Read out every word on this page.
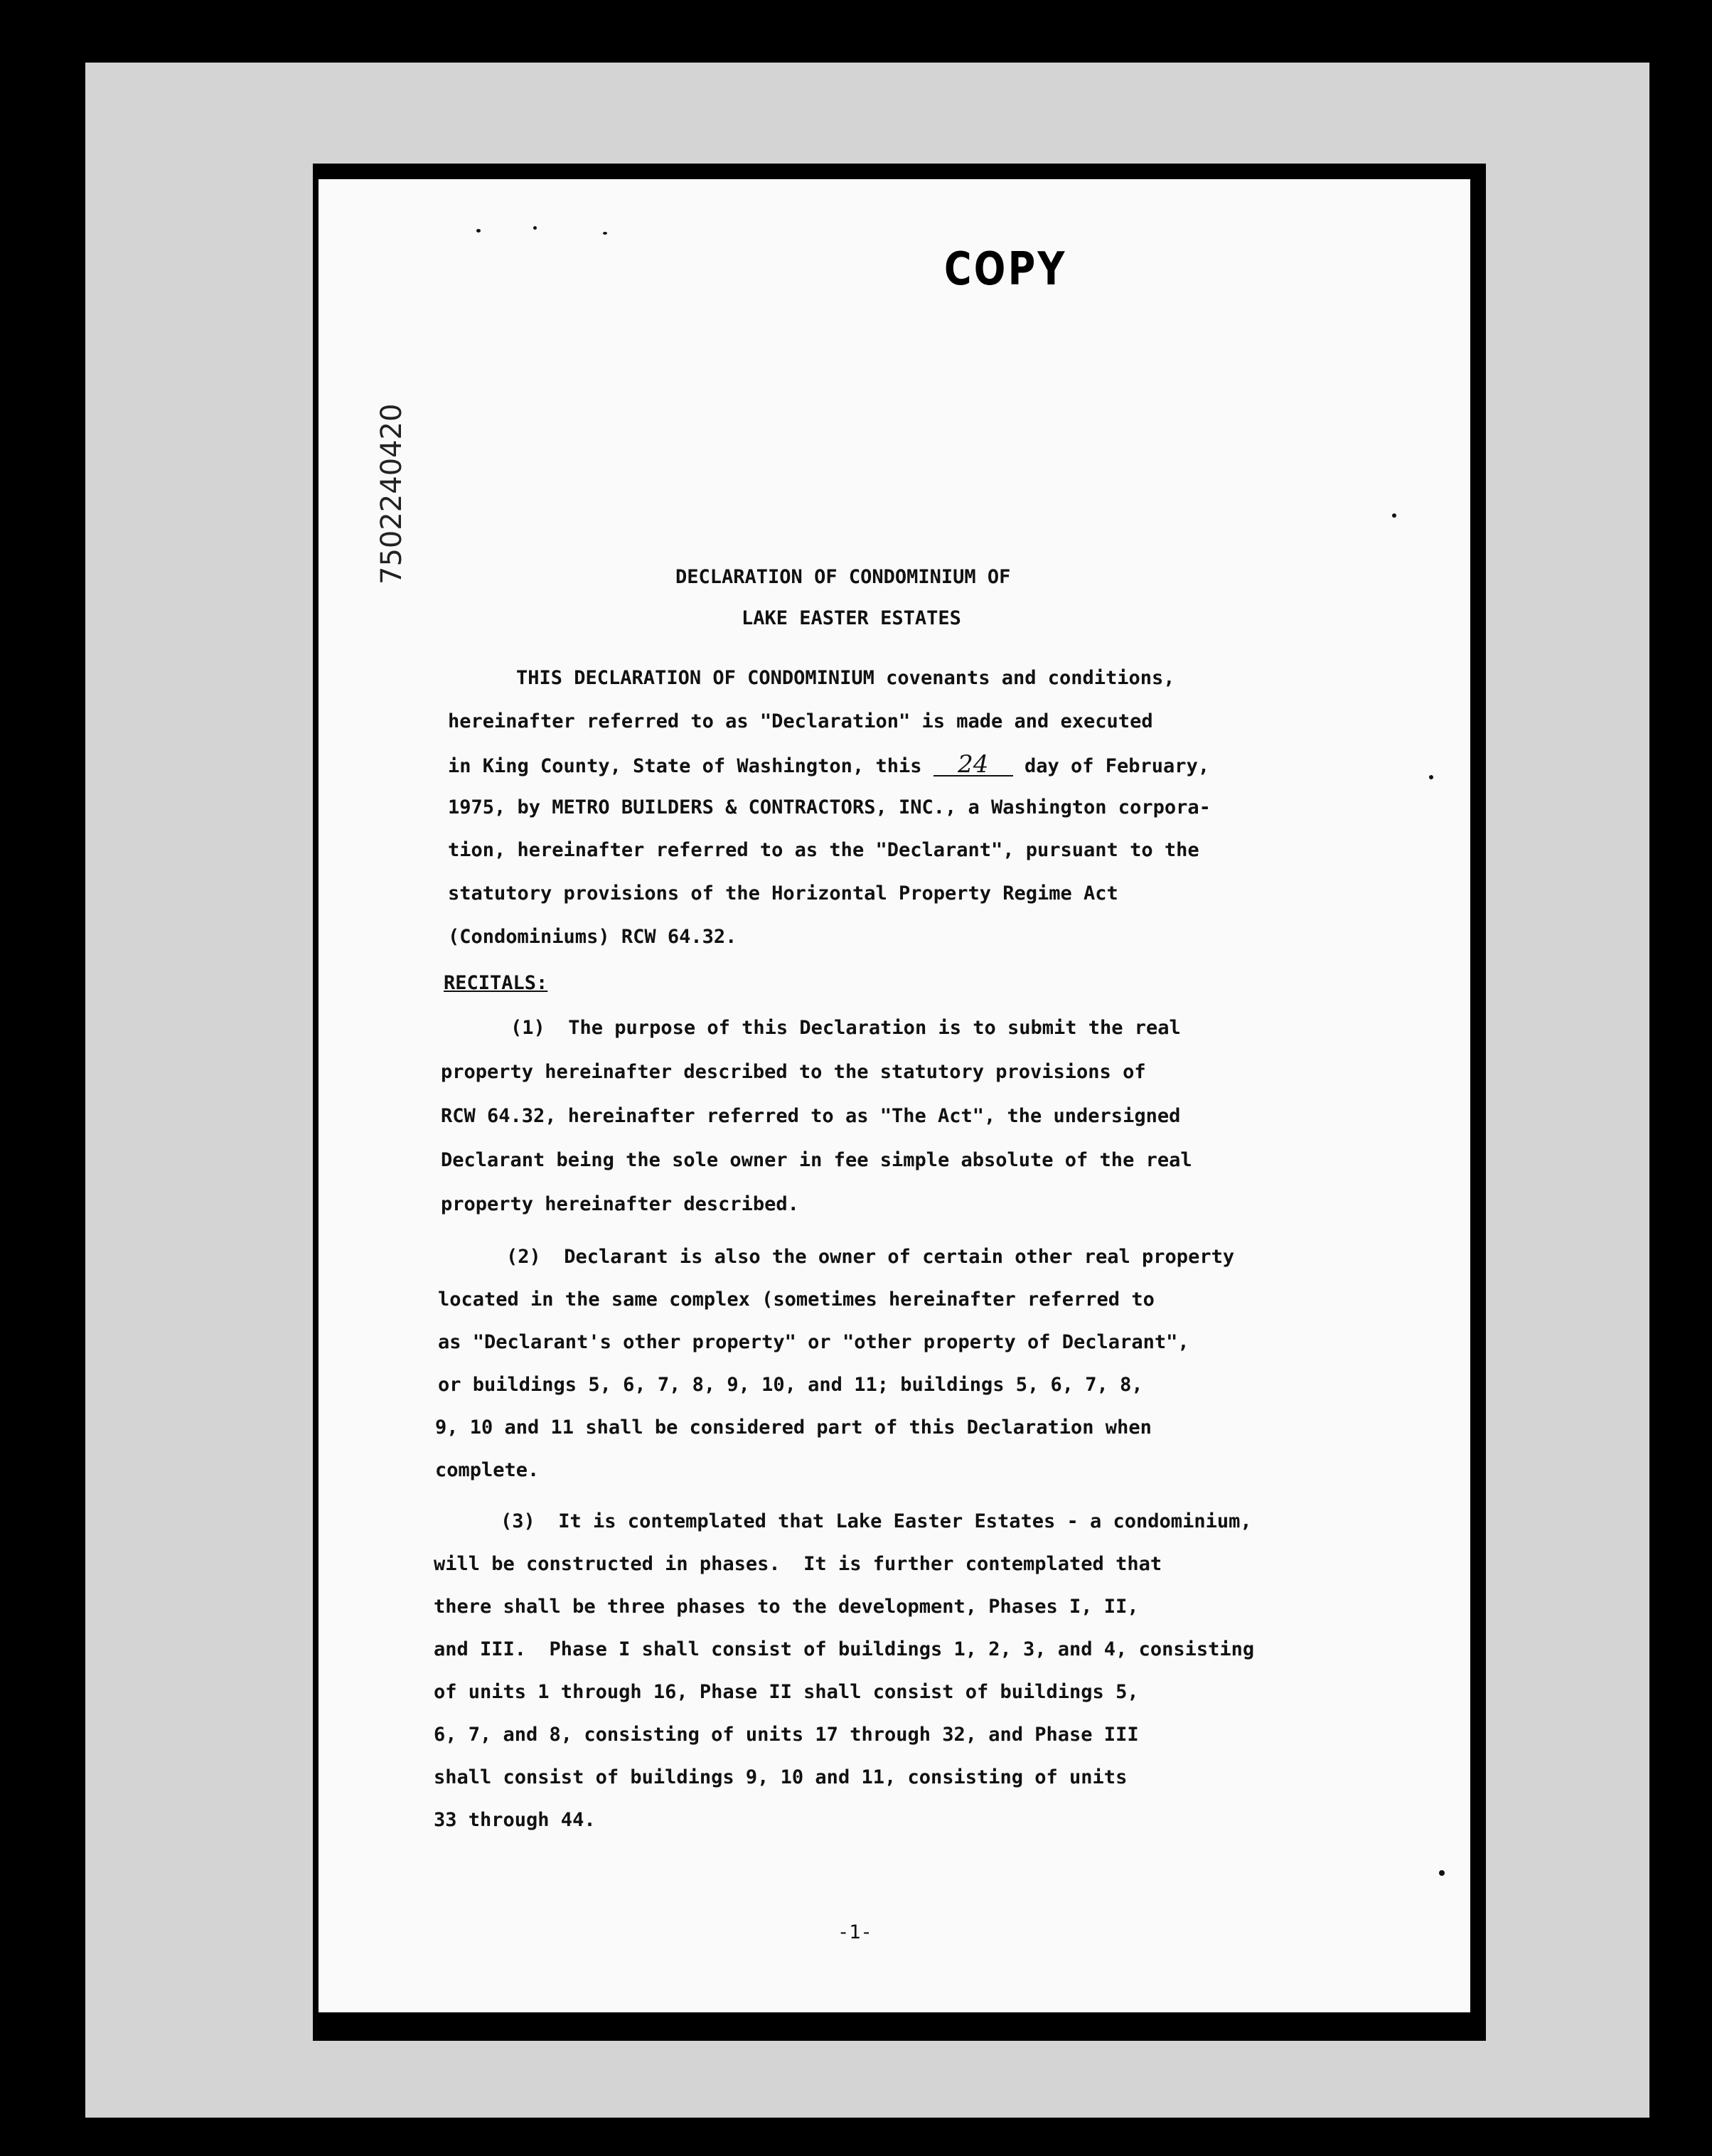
COPY
7502240420	DECLARATION OF CONDOMINIUM OF
LAKE EASTER ESTATES
THIS DECLARATION OF CONDOMINIUM covenants and conditions,
hereinafter referred to as "Declaration" is made and executed
in King County, State of Washington, this 24 day of February,
1975, by METRO BUILDERS & CONTRACTORS, INC., a Washington corpora-
tion, hereinafter referred to as the "Declarant", pursuant to the
statutory provisions of the Horizontal Property Regime Act
(Condominiums) RCW 64.32.
RECITALS:
(1)  The purpose of this Declaration is to submit the real
property hereinafter described to the statutory provisions of
RCW 64.32, hereinafter referred to as "The Act", the undersigned
Declarant being the sole owner in fee simple absolute of the real
property hereinafter described.
(2)  Declarant is also the owner of certain other real property
located in the same complex (sometimes hereinafter referred to
as "Declarant's other property" or "other property of Declarant",
or buildings 5, 6, 7, 8, 9, 10, and 11; buildings 5, 6, 7, 8,
9, 10 and 11 shall be considered part of this Declaration when
complete.
(3)  It is contemplated that Lake Easter Estates - a condominium,
will be constructed in phases.  It is further contemplated that
there shall be three phases to the development, Phases I, II,
and III.  Phase I shall consist of buildings 1, 2, 3, and 4, consisting
of units 1 through 16, Phase II shall consist of buildings 5,
6, 7, and 8, consisting of units 17 through 32, and Phase III
shall consist of buildings 9, 10 and 11, consisting of units
33 through 44.
-1-
